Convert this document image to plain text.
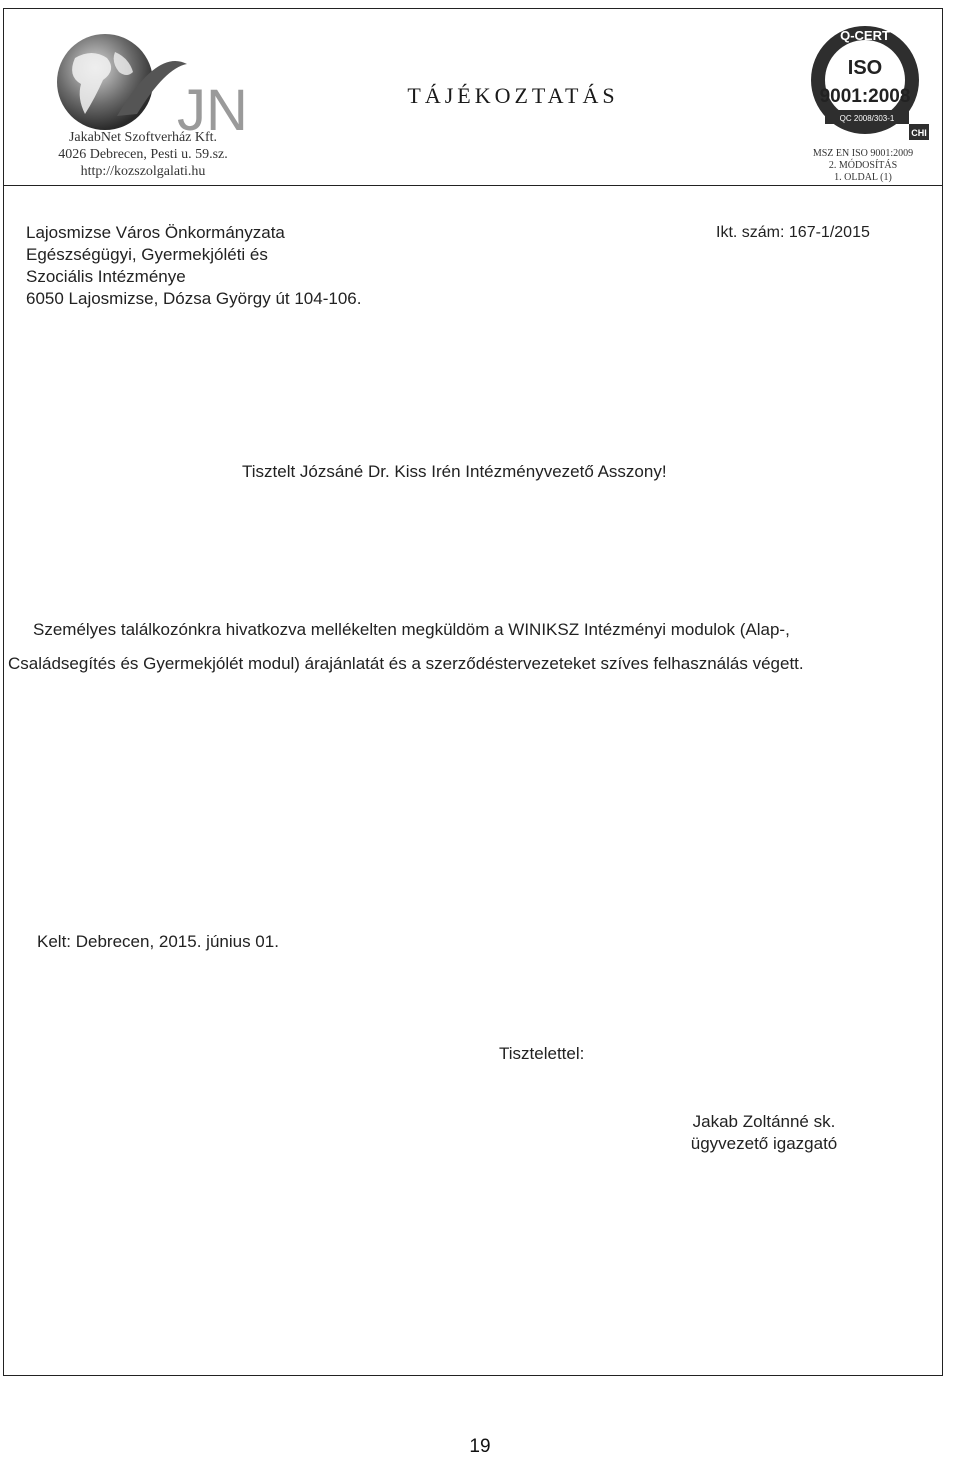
JN
JakabNet Szoftverház Kft.
4026 Debrecen, Pesti u. 59.sz.
http://kozszolgalati.hu
TÁJÉKOZTATÁS
Q-CERT
ISO
9001:2008
QC 2008/303-1
CHI
MSZ EN ISO 9001:2009
2. MÓDOSÍTÁS
1. OLDAL (1)
Lajosmizse Város Önkormányzata
Egészségügyi, Gyermekjóléti és
Szociális Intézménye
6050 Lajosmizse, Dózsa György út 104-106.
Ikt. szám: 167-1/2015
Tisztelt Józsáné Dr. Kiss Irén Intézményvezető Asszony!
Személyes találkozónkra hivatkozva mellékelten megküldöm a WINIKSZ Intézményi modulok (Alap-,
Családsegítés és Gyermekjólét modul) árajánlatát és a szerződéstervezeteket szíves felhasználás végett.
Kelt: Debrecen, 2015. június 01.
Tisztelettel:
Jakab Zoltánné sk.
ügyvezető igazgató
19
